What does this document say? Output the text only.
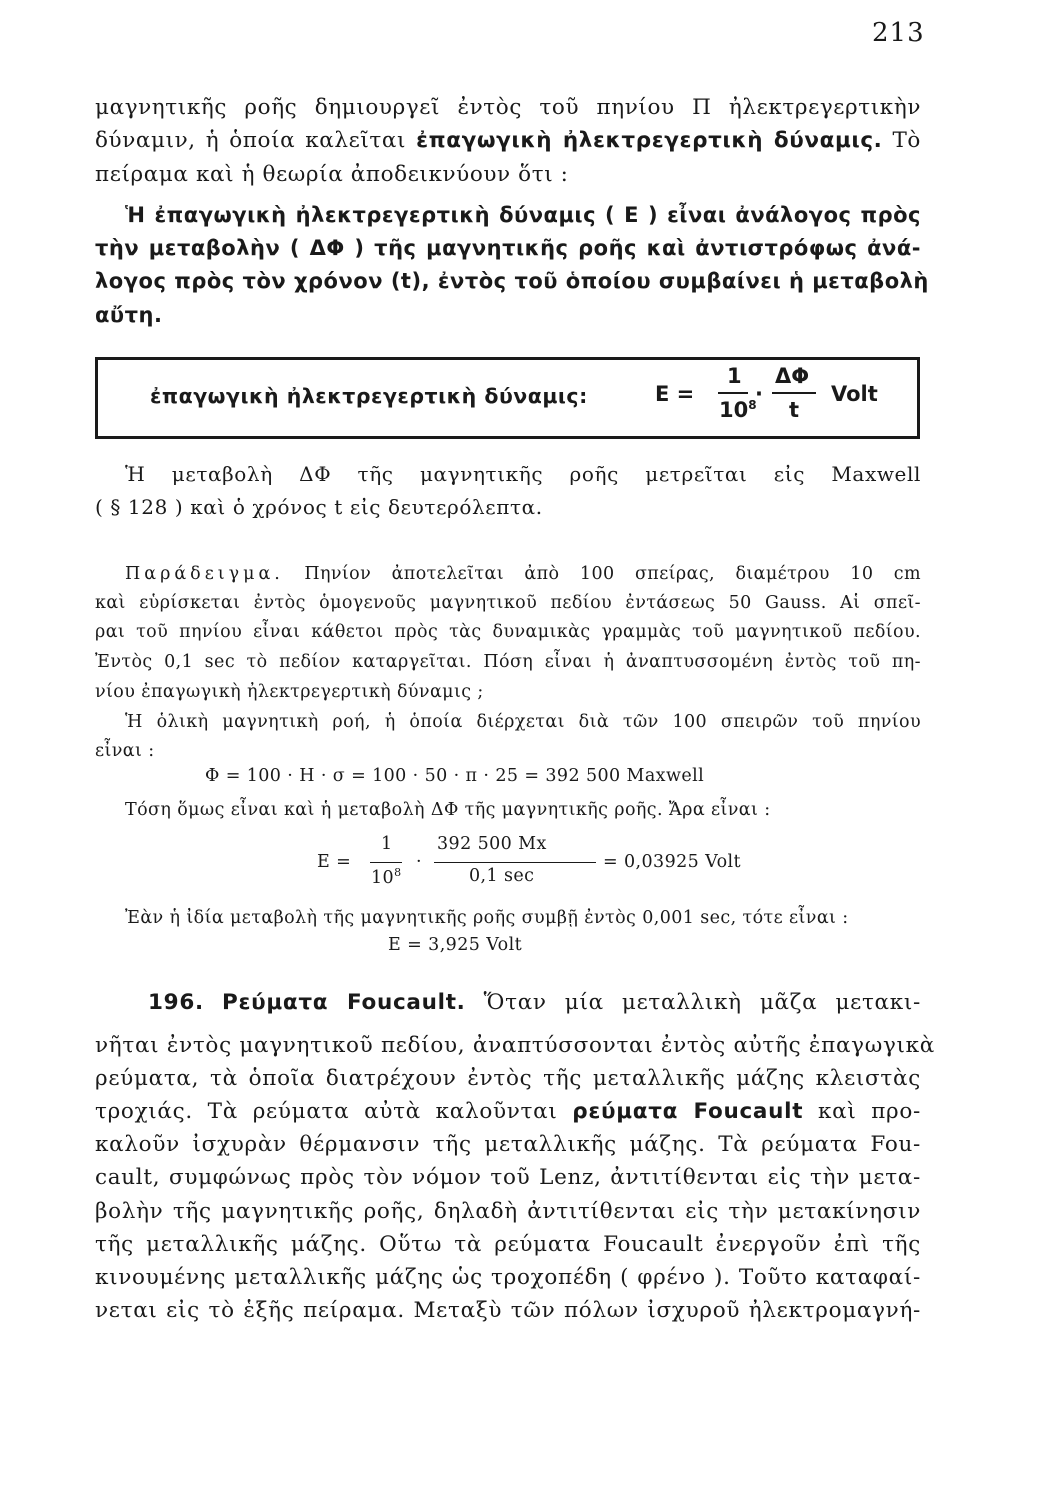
213
μαγνητικῆς ροῆς δημιουργεῖ ἐντὸς τοῦ πηνίου Π ἠλεκτρεγερτικὴν
δύναμιν, ἡ ὁποία καλεῖται ἐπαγωγικὴ ἠλεκτρεγερτικὴ δύναμις. Τὸ
πείραμα καὶ ἡ θεωρία ἀποδεικνύουν ὅτι :
Ἡ ἐπαγωγικὴ ἠλεκτρεγερτικὴ δύναμις ( E ) εἶναι ἀνάλογος πρὸς
τὴν μεταβολὴν ( ΔΦ ) τῆς μαγνητικῆς ροῆς καὶ ἀντιστρόφως ἀνά-
λογος πρὸς τὸν χρόνον (t), ἐντὸς τοῦ ὁποίου συμβαίνει ἡ μεταβολὴ
αὔτη.
ἐπαγωγικὴ ἠλεκτρεγερτικὴ δύναμις:	E =
1
$10^8$
·
ΔΦ
t
Volt
Ἡ μεταβολὴ ΔΦ τῆς μαγνητικῆς ροῆς μετρεῖται εἰς Maxwell
( § 128 ) καὶ ὁ χρόνος t εἰς δευτερόλεπτα.
Παράδειγμα. Πηνίον ἀποτελεῖται ἀπὸ 100 σπείρας, διαμέτρου 10 cm
καὶ εὑρίσκεται ἐντὸς ὁμογενοῦς μαγνητικοῦ πεδίου ἐντάσεως 50 Gauss. Αἱ σπεῖ-
ραι τοῦ πηνίου εἶναι κάθετοι πρὸς τὰς δυναμικὰς γραμμὰς τοῦ μαγνητικοῦ πεδίου.
Ἐντὸς 0,1 sec τὸ πεδίον καταργεῖται. Πόση εἶναι ἡ ἀναπτυσσομένη ἐντὸς τοῦ πη-
νίου ἐπαγωγικὴ ἠλεκτρεγερτικὴ δύναμις ;
Ἡ ὁλικὴ μαγνητικὴ ροή, ἡ ὁποία διέρχεται διὰ τῶν 100 σπειρῶν τοῦ πηνίου
εἶναι :
Φ = 100 · H · σ = 100 · 50 · π · 25 = 392 500 Maxwell
Τόση ὅμως εἶναι καὶ ἡ μεταβολὴ ΔΦ τῆς μαγνητικῆς ροῆς. Ἄρα εἶναι :
E =
1
$10^8$
·
392 500 Mx
0,1 sec
= 0,03925 Volt
Ἐὰν ἡ ἰδία μεταβολὴ τῆς μαγνητικῆς ροῆς συμβῇ ἐντὸς 0,001 sec, τότε εἶναι :
E = 3,925 Volt
196. Ρεύματα Foucault. Ὅταν μία μεταλλικὴ μᾶζα μετακι-
νῆται ἐντὸς μαγνητικοῦ πεδίου, ἀναπτύσσονται ἐντὸς αὐτῆς ἐπαγωγικὰ
ρεύματα, τὰ ὁποῖα διατρέχουν ἐντὸς τῆς μεταλλικῆς μάζης κλειστὰς
τροχιάς. Τὰ ρεύματα αὐτὰ καλοῦνται ρεύματα Foucault καὶ προ-
καλοῦν ἰσχυρὰν θέρμανσιν τῆς μεταλλικῆς μάζης. Τὰ ρεύματα Fou-
cault, συμφώνως πρὸς τὸν νόμον τοῦ Lenz, ἀντιτίθενται εἰς τὴν μετα-
βολὴν τῆς μαγνητικῆς ροῆς, δηλαδὴ ἀντιτίθενται εἰς τὴν μετακίνησιν
τῆς μεταλλικῆς μάζης. Οὕτω τὰ ρεύματα Foucault ἐνεργοῦν ἐπὶ τῆς
κινουμένης μεταλλικῆς μάζης ὡς τροχοπέδη ( φρένο ). Τοῦτο καταφαί-
νεται εἰς τὸ ἑξῆς πείραμα. Μεταξὺ τῶν πόλων ἰσχυροῦ ἠλεκτρομαγνή-
